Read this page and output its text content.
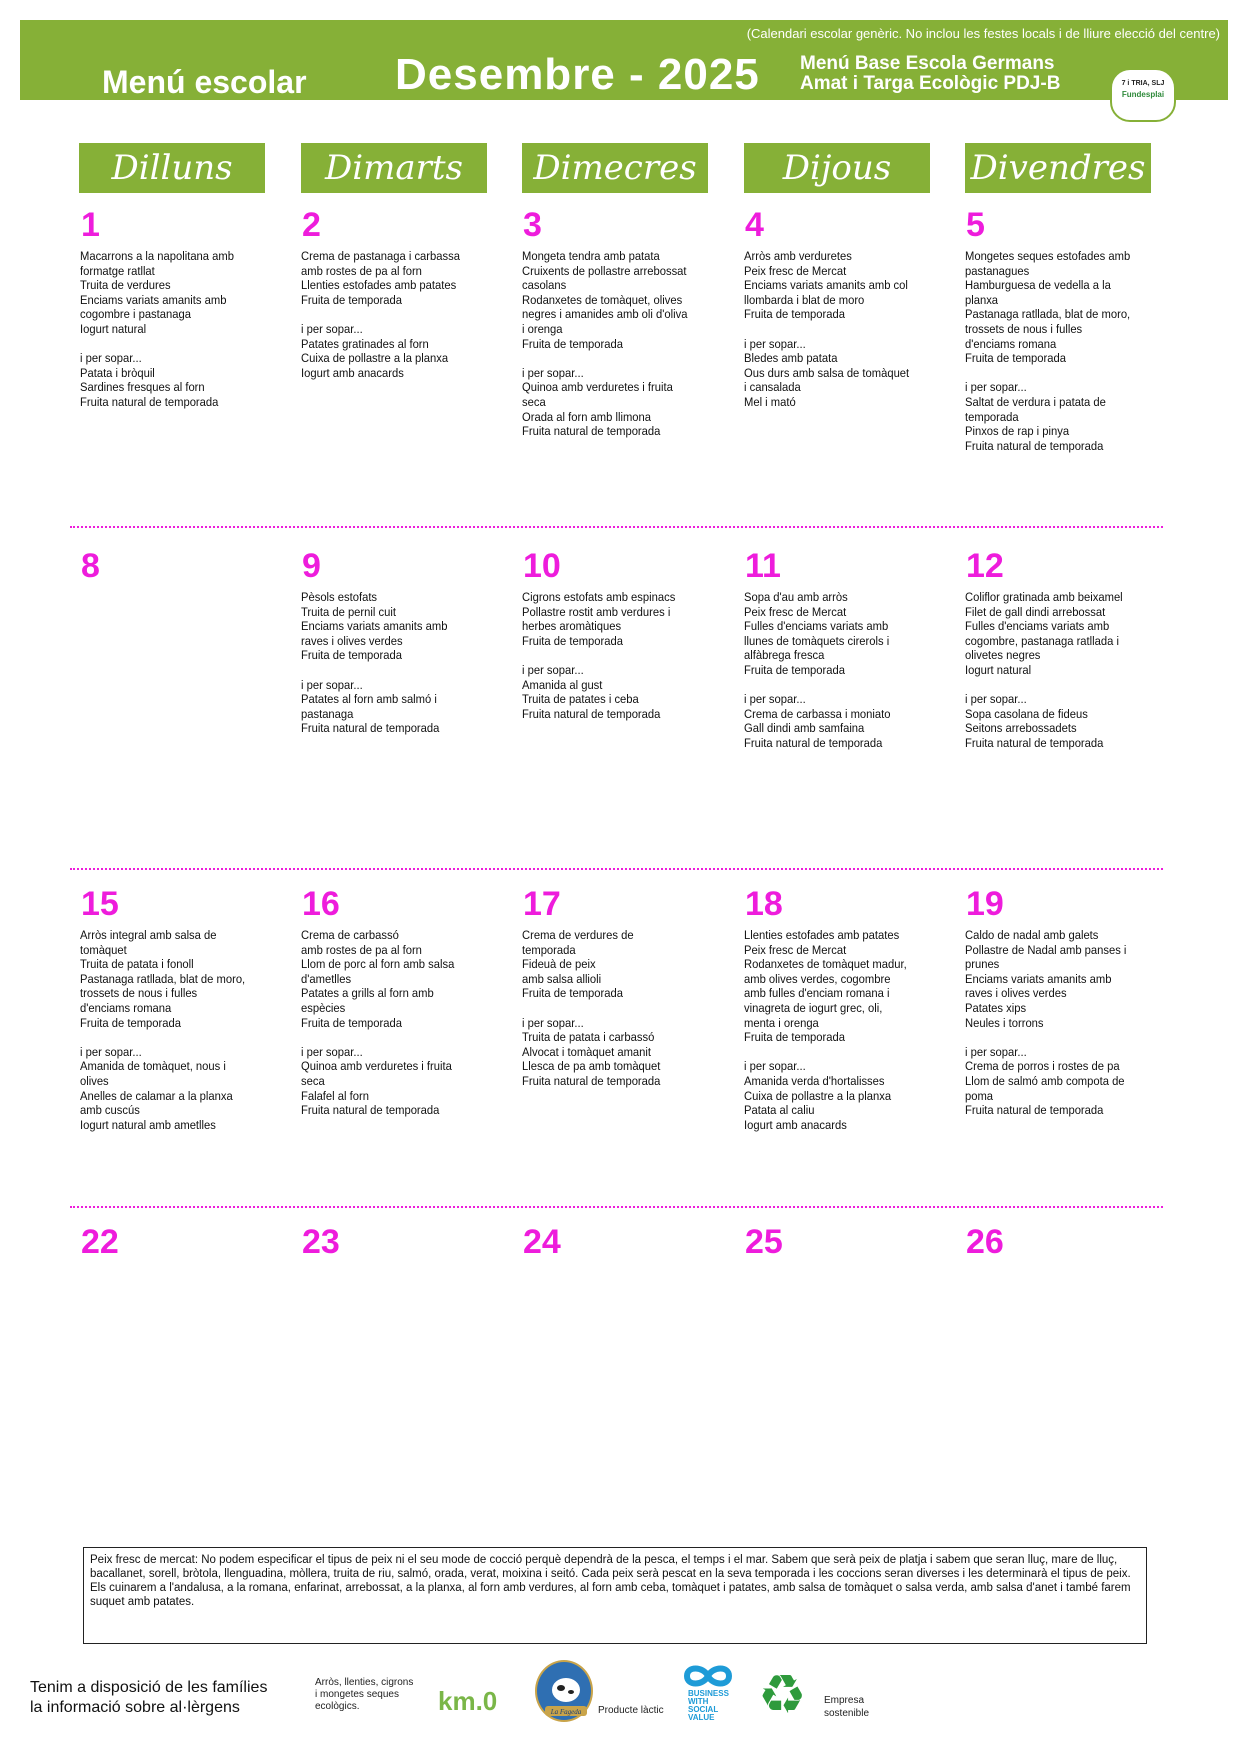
(Calendari escolar genèric. No inclou les festes locals i de lliure elecció del centre)
Menú escolar Desembre - 2025 Menú Base Escola Germans
Amat i Targa Ecològic PDJ-B	7 i TRIA, SLJ
Fundesplai
Dilluns	Dimarts	Dimecres	Dijous	Divendres
1
Macarrons a la napolitana amb
formatge ratllat
Truita de verdures
Enciams variats amanits amb
cogombre i pastanaga
Iogurt natural
i per sopar...
Patata i bròquil
Sardines fresques al forn
Fruita natural de temporada
2
Crema de pastanaga i carbassa
amb rostes de pa al forn
Llenties estofades amb patates
Fruita de temporada
i per sopar...
Patates gratinades al forn
Cuixa de pollastre a la planxa
Iogurt amb anacards
3
Mongeta tendra amb patata
Cruixents de pollastre arrebossat
casolans
Rodanxetes de tomàquet, olives
negres i amanides amb oli d'oliva
i orenga
Fruita de temporada
i per sopar...
Quinoa amb verduretes i fruita
seca
Orada al forn amb llimona
Fruita natural de temporada
4
Arròs amb verduretes
Peix fresc de Mercat
Enciams variats amanits amb col
llombarda i blat de moro
Fruita de temporada
i per sopar...
Bledes amb patata
Ous durs amb salsa de tomàquet
i cansalada
Mel i mató
5
Mongetes seques estofades amb
pastanagues
Hamburguesa de vedella a la
planxa
Pastanaga ratllada, blat de moro,
trossets de nous i fulles
d'enciams romana
Fruita de temporada
i per sopar...
Saltat de verdura i patata de
temporada
Pinxos de rap i pinya
Fruita natural de temporada
8	9
Pèsols estofats
Truita de pernil cuit
Enciams variats amanits amb
raves i olives verdes
Fruita de temporada
i per sopar...
Patates al forn amb salmó i
pastanaga
Fruita natural de temporada
10
Cigrons estofats amb espinacs
Pollastre rostit amb verdures i
herbes aromàtiques
Fruita de temporada
i per sopar...
Amanida al gust
Truita de patates i ceba
Fruita natural de temporada
11
Sopa d'au amb arròs
Peix fresc de Mercat
Fulles d'enciams variats amb
llunes de tomàquets cirerols i
alfàbrega fresca
Fruita de temporada
i per sopar...
Crema de carbassa i moniato
Gall dindi amb samfaina
Fruita natural de temporada
12
Coliflor gratinada amb beixamel
Filet de gall dindi arrebossat
Fulles d'enciams variats amb
cogombre, pastanaga ratllada i
olivetes negres
Iogurt natural
i per sopar...
Sopa casolana de fideus
Seitons arrebossadets
Fruita natural de temporada
15
Arròs integral amb salsa de
tomàquet
Truita de patata i fonoll
Pastanaga ratllada, blat de moro,
trossets de nous i fulles
d'enciams romana
Fruita de temporada
i per sopar...
Amanida de tomàquet, nous i
olives
Anelles de calamar a la planxa
amb cuscús
Iogurt natural amb ametlles
16
Crema de carbassó
amb rostes de pa al forn
Llom de porc al forn amb salsa
d'ametlles
Patates a grills al forn amb
espècies
Fruita de temporada
i per sopar...
Quinoa amb verduretes i fruita
seca
Falafel al forn
Fruita natural de temporada
17
Crema de verdures de
temporada
Fideuà de peix
amb salsa allioli
Fruita de temporada
i per sopar...
Truita de patata i carbassó
Alvocat i tomàquet amanit
Llesca de pa amb tomàquet
Fruita natural de temporada
18
Llenties estofades amb patates
Peix fresc de Mercat
Rodanxetes de tomàquet madur,
amb olives verdes, cogombre
amb fulles d'enciam romana i
vinagreta de iogurt grec, oli,
menta i orenga
Fruita de temporada
i per sopar...
Amanida verda d'hortalisses
Cuixa de pollastre a la planxa
Patata al caliu
Iogurt amb anacards
19
Caldo de nadal amb galets
Pollastre de Nadal amb panses i
prunes
Enciams variats amanits amb
raves i olives verdes
Patates xips
Neules i torrons
i per sopar...
Crema de porros i rostes de pa
Llom de salmó amb compota de
poma
Fruita natural de temporada
22	23	24	25	26
Peix fresc de mercat: No podem especificar el tipus de peix ni el seu mode de cocció perquè dependrà de la pesca, el temps i el mar. Sabem que serà peix de platja i sabem que seran lluç, mare de lluç, bacallanet, sorell, bròtola, llenguadina, mòllera, truita de riu, salmó, orada, verat, moixina i seitó. Cada peix serà pescat en la seva temporada i les coccions seran diverses i les determinarà el tipus de peix. Els cuinarem a l'andalusa, a la romana, enfarinat, arrebossat, a la planxa, al forn amb verdures, al forn amb ceba, tomàquet i patates, amb salsa de tomàquet o salsa verda, amb salsa d'anet i també farem suquet amb patates.
Tenim a disposició de les famílies
la informació sobre al·lèrgens
Arròs, llenties, cigrons
i mongetes seques
ecològics.	km.0	La Fageda Producte làctic
BUSINESS
WITH
SOCIAL
VALUE ♻ Empresa
sostenible
